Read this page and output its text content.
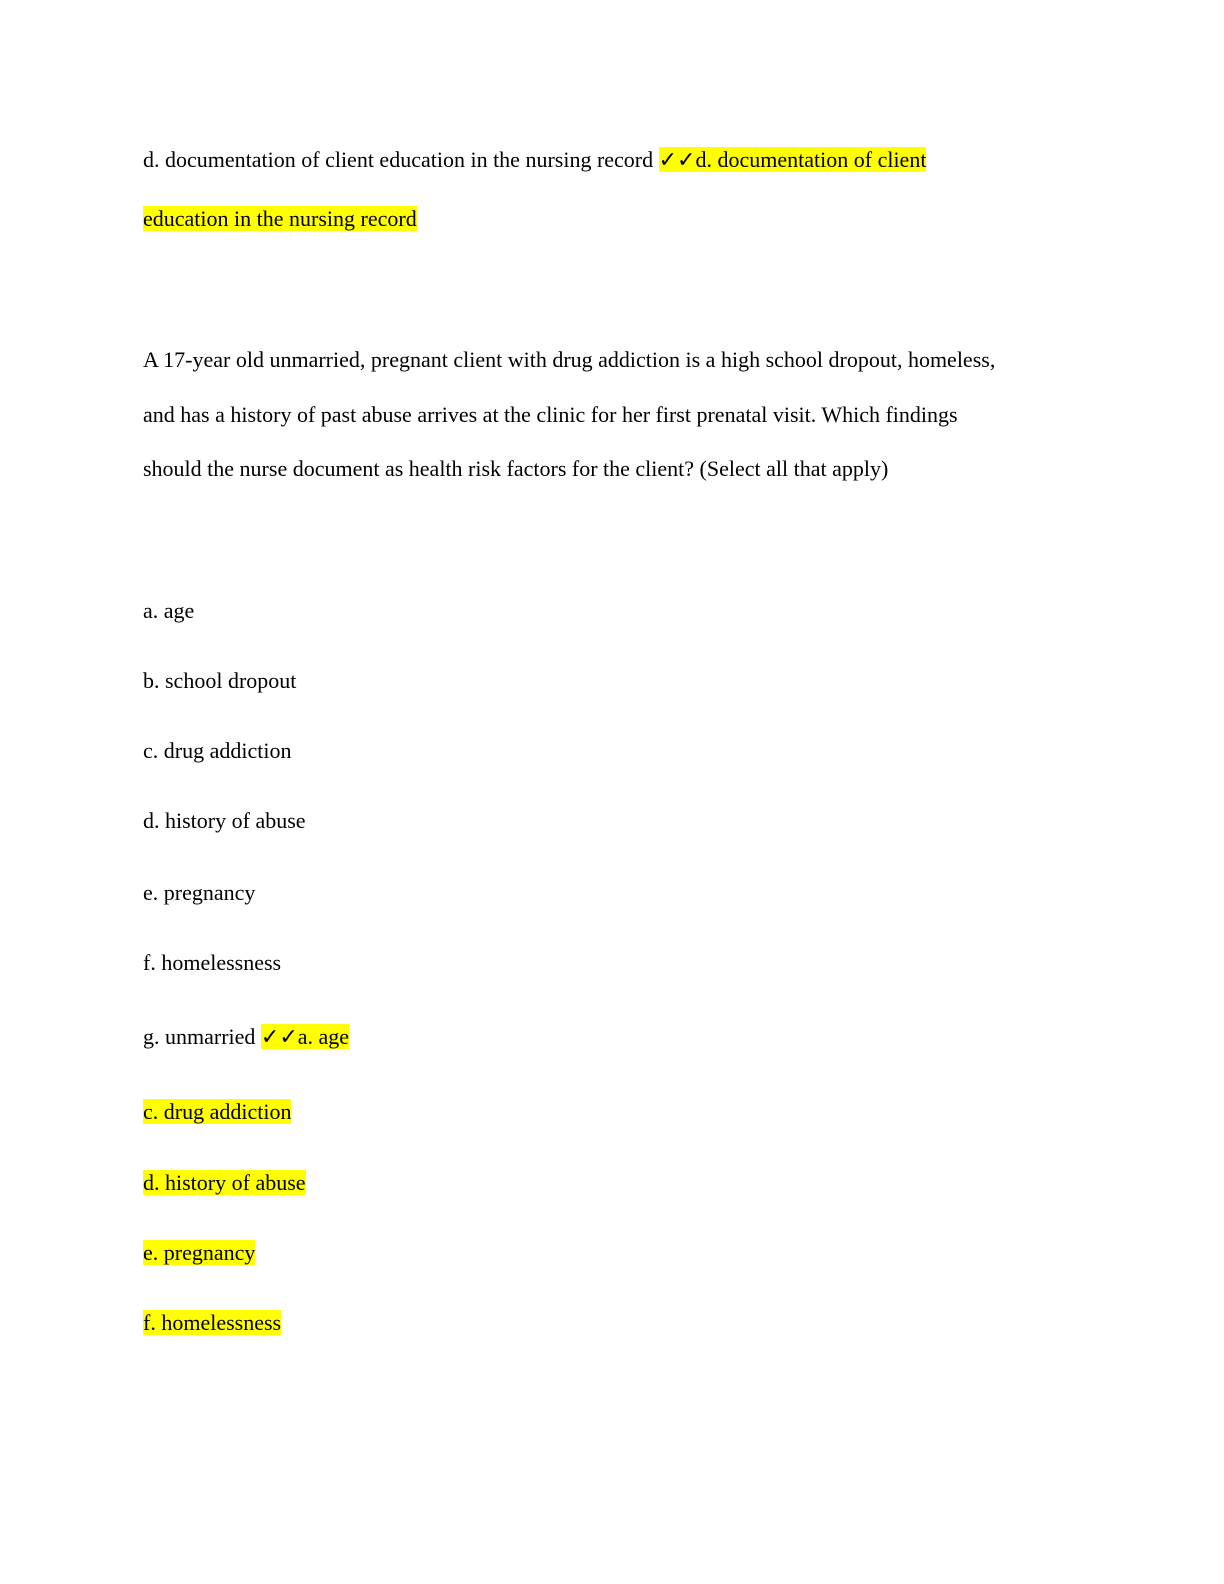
d. documentation of client education in the nursing record ✓✓d. documentation of client
education in the nursing record
A 17-year old unmarried, pregnant client with drug addiction is a high school dropout, homeless,
and has a history of past abuse arrives at the clinic for her first prenatal visit. Which findings
should the nurse document as health risk factors for the client? (Select all that apply)
a. age
b. school dropout
c. drug addiction
d. history of abuse
e. pregnancy
f. homelessness
g. unmarried ✓✓a. age
c. drug addiction
d. history of abuse
e. pregnancy
f. homelessness
